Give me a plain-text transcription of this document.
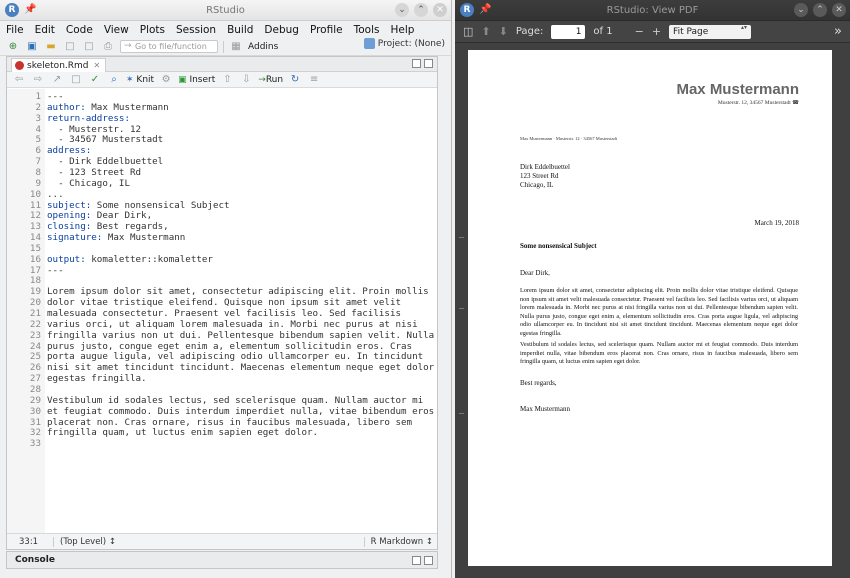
R 📌	RStudio	⌄	⌃	✕
File Edit Code View Plots Session Build Debug Profile Tools Help
⊕ ▣ ▬ □ □	⎙
→	Go to file/function	▦ Addins	Project: (None)
skeleton.Rmd ✕
⇦ ⇨ ↗ □ ✓	⌕	✶ Knit ⚙ ▣ Insert ⇧ ⇩ →Run ↻ ≡
1 ---
2 author: Max Mustermann
3 return-address:
4 - Musterstr. 12
5 - 34567 Musterstadt
6 address:
7 - Dirk Eddelbuettel
8 - 123 Street Rd
9 - Chicago, IL
10 ...
11 subject: Some nonsensical Subject
12 opening: Dear Dirk,
13 closing: Best regards,
14 signature: Max Mustermann
15
16 output: komaletter::komaletter
17 ---
18
19 Lorem ipsum dolor sit amet, consectetur adipiscing elit. Proin mollis
20 dolor vitae tristique eleifend. Quisque non ipsum sit amet velit
21 malesuada consectetur. Praesent vel facilisis leo. Sed facilisis
22 varius orci, ut aliquam lorem malesuada in. Morbi nec purus at nisi
23 fringilla varius non ut dui. Pellentesque bibendum sapien velit. Nulla
24 purus justo, congue eget enim a, elementum sollicitudin eros. Cras
25 porta augue ligula, vel adipiscing odio ullamcorper eu. In tincidunt
26 nisi sit amet tincidunt tincidunt. Maecenas elementum neque eget dolor
27 egestas fringilla.
28
29 Vestibulum id sodales lectus, sed scelerisque quam. Nullam auctor mi
30 et feugiat commodo. Duis interdum imperdiet nulla, vitae bibendum eros
31 placerat non. Cras ornare, risus in faucibus malesuada, libero sem
32 fringilla quam, ut luctus enim sapien eget dolor.
33
33:1	(Top Level) ↕	R Markdown ↕
Console
R 📌	RStudio: View PDF	⌄	⌃	✕
◫ ⬆ ⬇ Page:	1	of 1 − +	Fit Page ▴▾	»
Max Mustermann
Musterstr. 12, 34567 Musterstadt ☎
Max Mustermann · Musterstr. 12 · 34567 Musterstadt
Dirk Eddelbuettel
123 Street Rd
Chicago, IL
March 19, 2018
Some nonsensical Subject
Dear Dirk,
Lorem ipsum dolor sit amet, consectetur adipiscing elit. Proin mollis dolor vitae tristique eleifend. Quisque non ipsum sit amet velit malesuada consectetur. Praesent vel facilisis leo. Sed facilisis varius orci, ut aliquam lorem malesuada in. Morbi nec purus at nisi fringilla varius non ut dui. Pellentesque bibendum sapien velit. Nulla purus justo, congue eget enim a, elementum sollicitudin eros. Cras porta augue ligula, vel adipiscing odio ullamcorper eu. In tincidunt nisi sit amet tincidunt tincidunt. Maecenas elementum neque eget dolor egestas fringilla.
Vestibulum id sodales lectus, sed scelerisque quam. Nullam auctor mi et feugiat commodo. Duis interdum imperdiet nulla, vitae bibendum eros placerat non. Cras ornare, risus in faucibus malesuada, libero sem fringilla quam, ut luctus enim sapien eget dolor.
Best regards,
Max Mustermann
